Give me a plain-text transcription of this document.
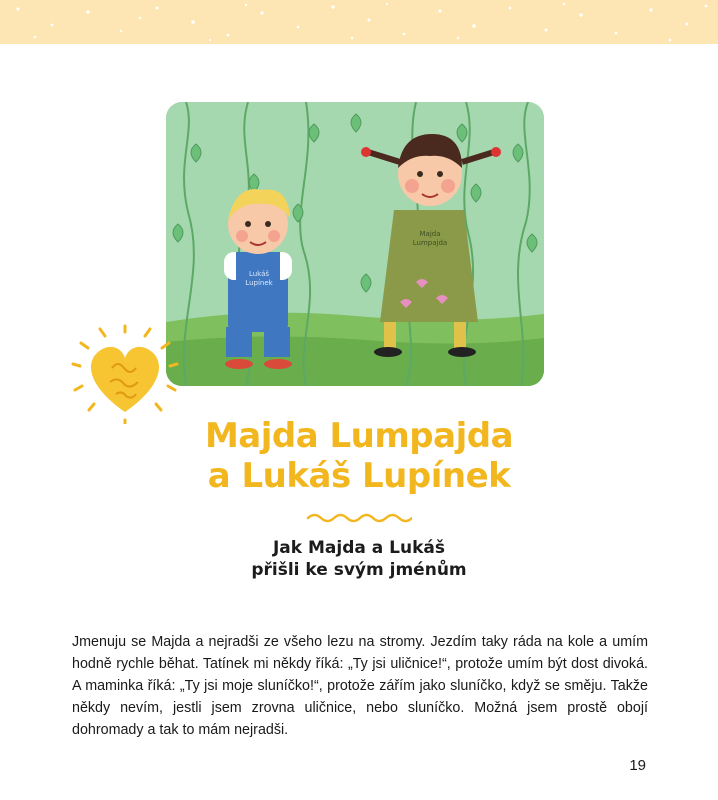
Lukáš Lupínek
Majda Lumpajda
Majda Lumpajda
a Lukáš Lupínek
Jak Majda a Lukáš
přišli ke svým jménům
Jmenuju se Majda a nejradši ze všeho lezu na stromy. Jezdím taky ráda na kole a umím hodně rychle běhat. Tatínek mi někdy říká: „Ty jsi uličnice!“, protože umím být dost divoká. A maminka říká: „Ty jsi moje sluníčko!“, protože zářím jako sluníčko, když se směju. Takže někdy nevím, jestli jsem zrovna uličnice, nebo sluníčko. Možná jsem prostě obojí dohromady a tak to mám nejradši.
19
